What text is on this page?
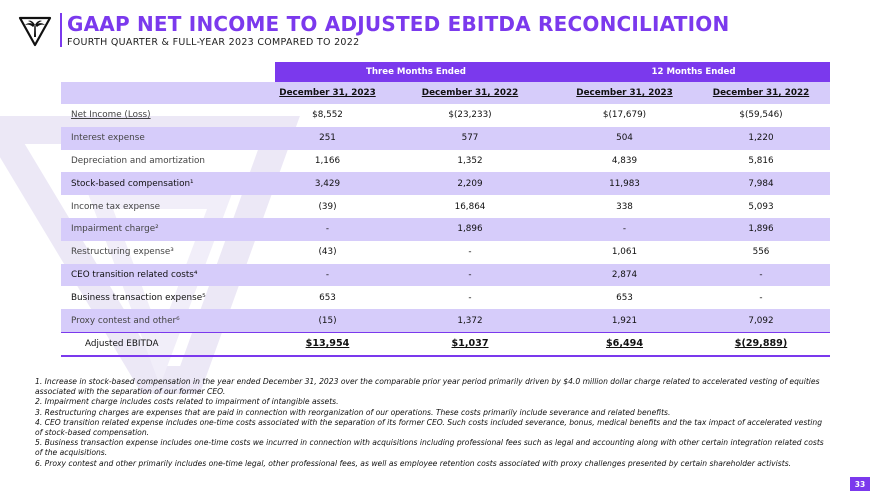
GAAP NET INCOME TO ADJUSTED EBITDA RECONCILIATION
FOURTH QUARTER & FULL-YEAR 2023 COMPARED TO 2022
Three Months Ended	12 Months Ended
December 31, 2023	December 31, 2022	December 31, 2023	December 31, 2022
Net Income (Loss)	$8,552	$(23,233)	$(17,679)	$(59,546)
Interest expense	251	577	504	1,220
Depreciation and amortization	1,166	1,352	4,839	5,816
Stock-based compensation¹	3,429	2,209	11,983	7,984
Income tax expense	(39)	16,864	338	5,093
Impairment charge²	-	1,896	-	1,896
Restructuring expense³	(43)	-	1,061	556
CEO transition related costs⁴	-	-	2,874	-
Business transaction expense⁵	653	-	653	-
Proxy contest and other⁶	(15)	1,372	1,921	7,092
Adjusted EBITDA	$13,954	$1,037	$6,494	$(29,889)
1. Increase in stock-based compensation in the year ended December 31, 2023 over the comparable prior year period primarily driven by $4.0 million dollar charge related to accelerated vesting of equities associated with the separation of our former CEO.
2. Impairment charge includes costs related to impairment of intangible assets.
3. Restructuring charges are expenses that are paid in connection with reorganization of our operations. These costs primarily include severance and related benefits.
4. CEO transition related expense includes one-time costs associated with the separation of its former CEO. Such costs included severance, bonus, medical benefits and the tax impact of accelerated vesting of stock-based compensation.
5. Business transaction expense includes one-time costs we incurred in connection with acquisitions including professional fees such as legal and accounting along with other certain integration related costs of the acquisitions.
6. Proxy contest and other primarily includes one-time legal, other professional fees, as well as employee retention costs associated with proxy challenges presented by certain shareholder activists.
33
